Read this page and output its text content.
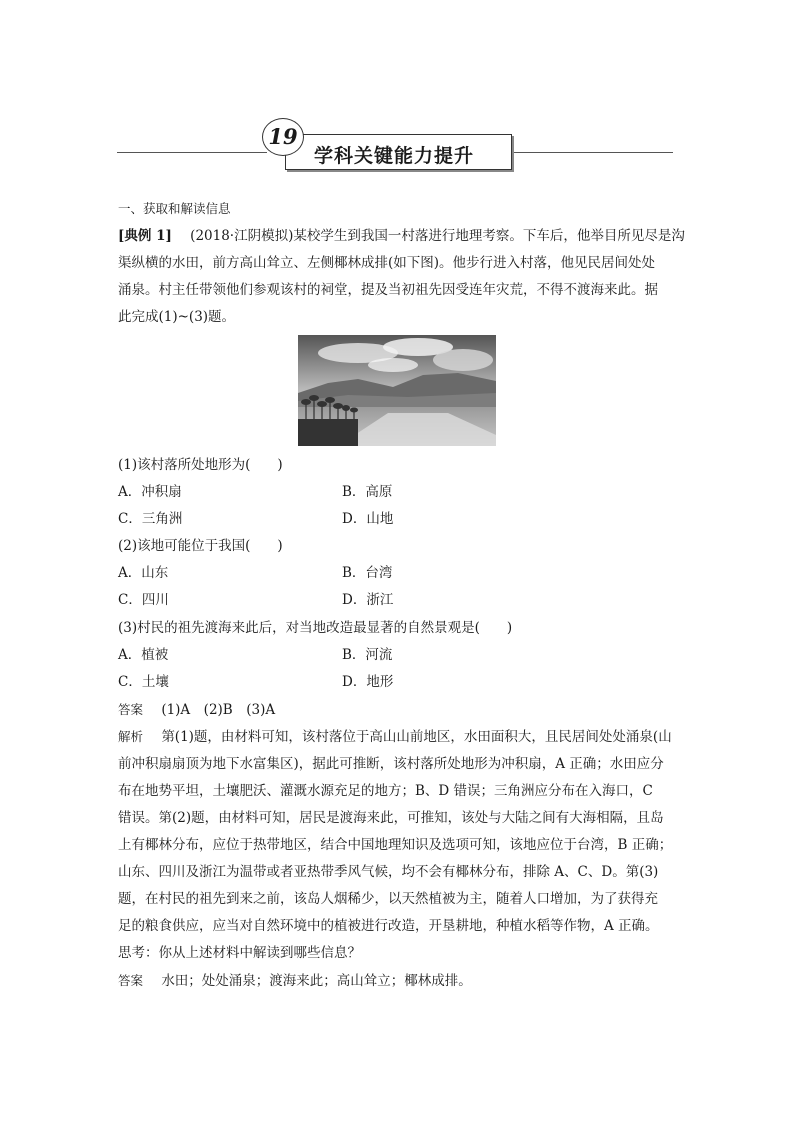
19
学科关键能力提升
一、获取和解读信息
[典例 1] (2018·江阴模拟)某校学生到我国一村落进行地理考察。下车后，他举目所见尽是沟
渠纵横的水田，前方高山耸立、左侧椰林成排(如下图)。他步行进入村落，他见民居间处处
涌泉。村主任带领他们参观该村的祠堂，提及当初祖先因受连年灾荒，不得不渡海来此。据
此完成(1)~(3)题。
(1)该村落所处地形为(　　)
A．冲积扇	B．高原
C．三角洲	D．山地
(2)该地可能位于我国(　　)
A．山东	B．台湾
C．四川	D．浙江
(3)村民的祖先渡海来此后，对当地改造最显著的自然景观是(　　)
A．植被	B．河流
C．土壤	D．地形
答案 (1)A　(2)B　(3)A
解析 第(1)题，由材料可知，该村落位于高山山前地区，水田面积大，且民居间处处涌泉(山
前冲积扇扇顶为地下水富集区)，据此可推断，该村落所处地形为冲积扇，A 正确；水田应分
布在地势平坦，土壤肥沃、灌溉水源充足的地方；B、D 错误；三角洲应分布在入海口，C
错误。第(2)题，由材料可知，居民是渡海来此，可推知，该处与大陆之间有大海相隔，且岛
上有椰林分布，应位于热带地区，结合中国地理知识及选项可知，该地应位于台湾，B 正确；
山东、四川及浙江为温带或者亚热带季风气候，均不会有椰林分布，排除 A、C、D。第(3)
题，在村民的祖先到来之前，该岛人烟稀少，以天然植被为主，随着人口增加，为了获得充
足的粮食供应，应当对自然环境中的植被进行改造，开垦耕地，种植水稻等作物，A 正确。
思考：你从上述材料中解读到哪些信息？
答案 水田；处处涌泉；渡海来此；高山耸立；椰林成排。
